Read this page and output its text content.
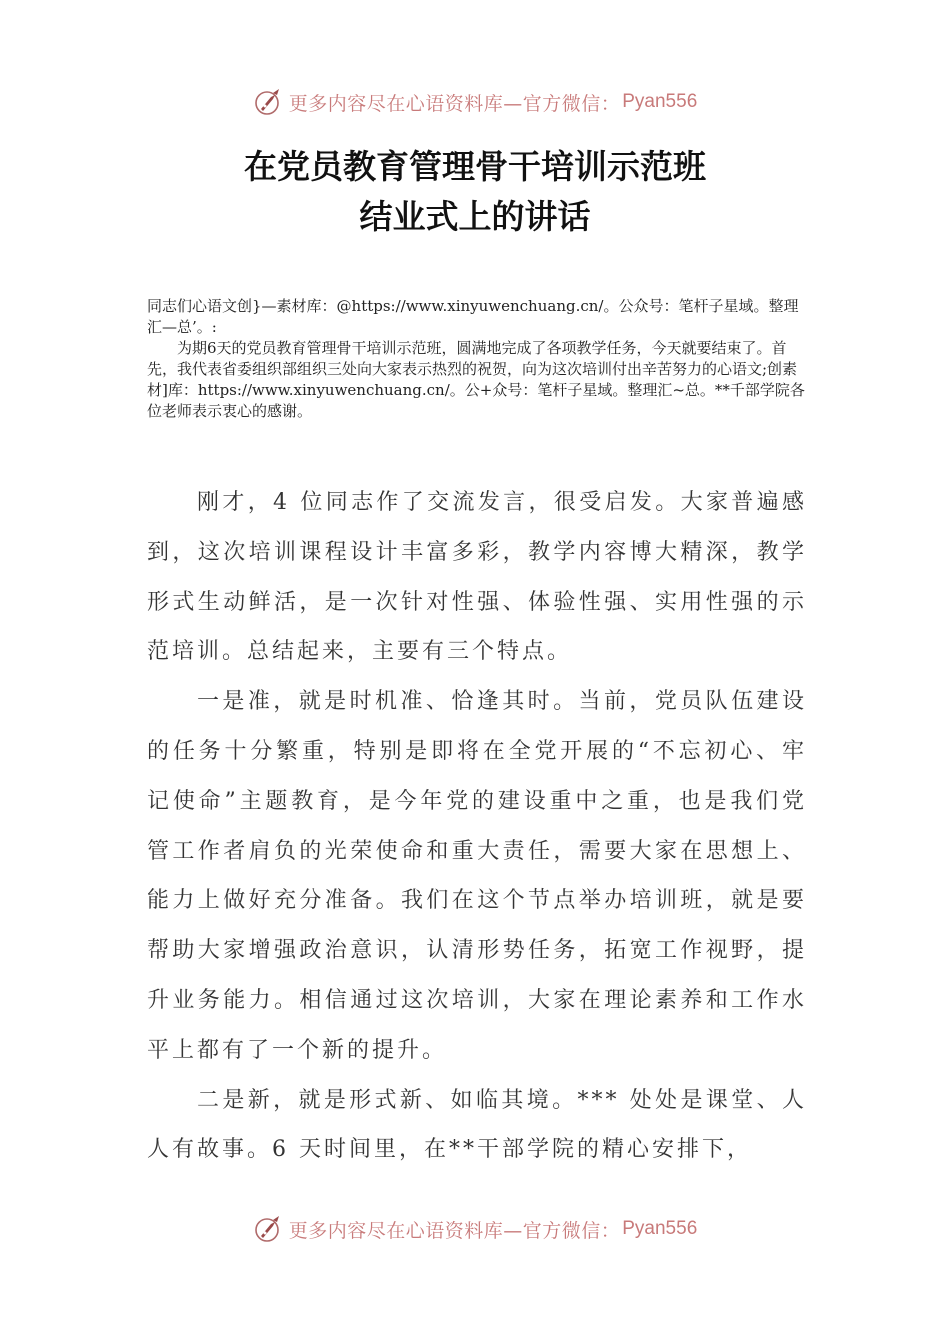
更多内容尽在心语资料库—官方微信： Pyan556
在党员教育管理骨干培训示范班
结业式上的讲话

同志们心语文创}—素材库：@https://www.xinyuwenchuang.cn/。公众号：笔杆子星域。整理汇—总’。:

为期6天的党员教育管理骨干培训示范班，圆满地完成了各项教学任务，今天就要结束了。首先，我代表省委组织部组织三处向大家表示热烈的祝贺，向为这次培训付出辛苦努力的心语文;创素材]库：https://www.xinyuwenchuang.cn/。公+众号：笔杆子星域。整理汇~总。**千部学院各位老师表示衷心的感谢。

刚才，4 位同志作了交流发言，很受启发。大家普遍感到，这次培训课程设计丰富多彩，教学内容博大精深，教学形式生动鲜活，是一次针对性强、体验性强、实用性强的示范培训。总结起来，主要有三个特点。

一是准，就是时机准、恰逢其时。当前，党员队伍建设的任务十分繁重，特别是即将在全党开展的“不忘初心、牢记使命”主题教育，是今年党的建设重中之重，也是我们党管工作者肩负的光荣使命和重大责任，需要大家在思想上、能力上做好充分准备。我们在这个节点举办培训班，就是要帮助大家增强政治意识，认清形势任务，拓宽工作视野，提升业务能力。相信通过这次培训，大家在理论素养和工作水平上都有了一个新的提升。

二是新，就是形式新、如临其境。*** 处处是课堂、人人有故事。6 天时间里，在**干部学院的精心安排下，

更多内容尽在心语资料库—官方微信： Pyan556
